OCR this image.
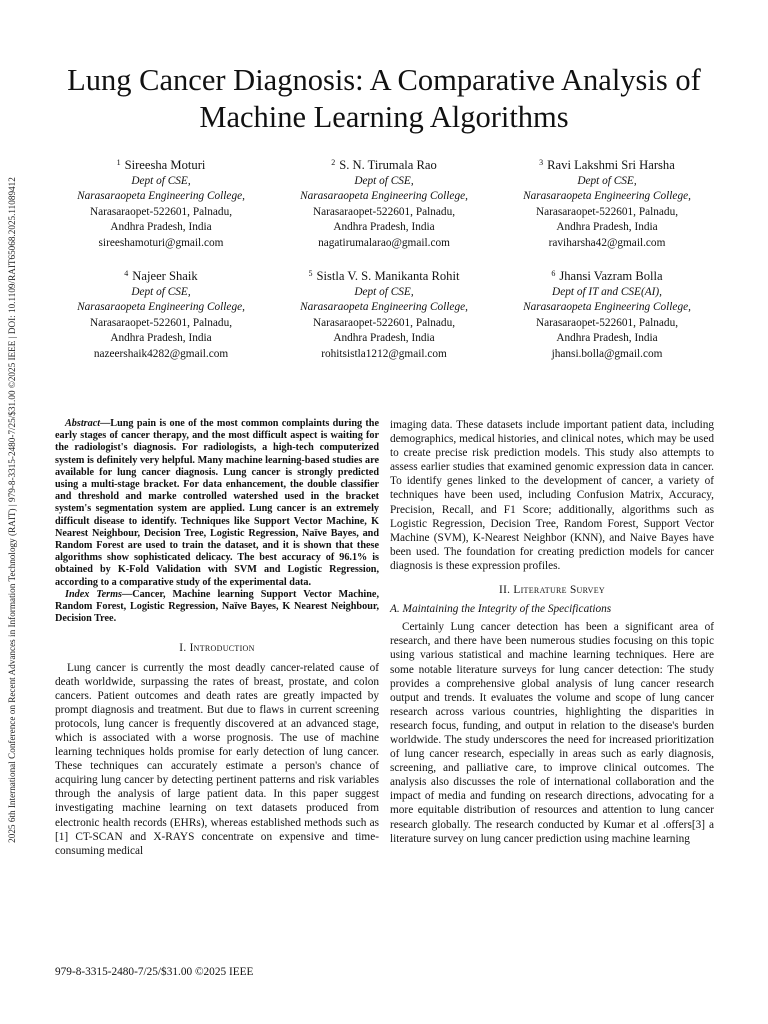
2025 6th International Conference on Recent Advances in Information Technology (RAIT) | 979-8-3315-2480-7/25/$31.00 ©2025 IEEE | DOI: 10.1109/RAIT65068.2025.11089412
Lung Cancer Diagnosis: A Comparative Analysis of
Machine Learning Algorithms
$^1$ Sireesha Moturi
Dept of CSE,
Narasaraopeta Engineering College,
Narasaraopet-522601, Palnadu,
Andhra Pradesh, India
sireeshamoturi@gmail.com
$^2$ S. N. Tirumala Rao
Dept of CSE,
Narasaraopeta Engineering College,
Narasaraopet-522601, Palnadu,
Andhra Pradesh, India
nagatirumalarao@gmail.com
$^3$ Ravi Lakshmi Sri Harsha
Dept of CSE,
Narasaraopeta Engineering College,
Narasaraopet-522601, Palnadu,
Andhra Pradesh, India
raviharsha42@gmail.com
$^4$ Najeer Shaik
Dept of CSE,
Narasaraopeta Engineering College,
Narasaraopet-522601, Palnadu,
Andhra Pradesh, India
nazeershaik4282@gmail.com
$^5$ Sistla V. S. Manikanta Rohit
Dept of CSE,
Narasaraopeta Engineering College,
Narasaraopet-522601, Palnadu,
Andhra Pradesh, India
rohitsistla1212@gmail.com
$^6$ Jhansi Vazram Bolla
Dept of IT and CSE(AI),
Narasaraopeta Engineering College,
Narasaraopet-522601, Palnadu,
Andhra Pradesh, India
jhansi.bolla@gmail.com

Abstract—Lung pain is one of the most common complaints during the early stages of cancer therapy, and the most difficult aspect is waiting for the radiologist's diagnosis. For radiologists, a high-tech computerized system is definitely very helpful. Many machine learning-based studies are available for lung cancer diagnosis. Lung cancer is strongly predicted using a multi-stage bracket. For data enhancement, the double classifier and threshold and marke controlled watershed used in the bracket system's segmentation system are applied. Lung cancer is an extremely difficult disease to identify. Techniques like Support Vector Machine, K Nearest Neighbour, Decision Tree, Logistic Regression, Naïve Bayes, and Random Forest are used to train the dataset, and it is shown that these algorithms show sophisticated delicacy. The best accuracy of 96.1% is obtained by K-Fold Validation with SVM and Logistic Regression, according to a comparative study of the experimental data.

Index Terms—Cancer, Machine learning Support Vector Machine, Random Forest, Logistic Regression, Naïve Bayes, K Nearest Neighbour, Decision Tree.

I. Introduction

Lung cancer is currently the most deadly cancer-related cause of death worldwide, surpassing the rates of breast, prostate, and colon cancers. Patient outcomes and death rates are greatly impacted by prompt diagnosis and treatment. But due to flaws in current screening protocols, lung cancer is frequently discovered at an advanced stage, which is associated with a worse prognosis. The use of machine learning techniques holds promise for early detection of lung cancer. These techniques can accurately estimate a person's chance of acquiring lung cancer by detecting pertinent patterns and risk variables through the analysis of large patient data. In this paper suggest investigating machine learning on text datasets produced from electronic health records (EHRs), whereas established methods such as [1] CT-SCAN and X-RAYS concentrate on expensive and time-consuming medical

imaging data. These datasets include important patient data, including demographics, medical histories, and clinical notes, which may be used to create precise risk prediction models. This study also attempts to assess earlier studies that examined genomic expression data in cancer. To identify genes linked to the development of cancer, a variety of techniques have been used, including Confusion Matrix, Accuracy, Precision, Recall, and F1 Score; additionally, algorithms such as Logistic Regression, Decision Tree, Random Forest, Support Vector Machine (SVM), K-Nearest Neighbor (KNN), and Naive Bayes have been used. The foundation for creating prediction models for cancer diagnosis is these expression profiles.

II. Literature Survey
A. Maintaining the Integrity of the Specifications

Certainly Lung cancer detection has been a significant area of research, and there have been numerous studies focusing on this topic using various statistical and machine learning techniques. Here are some notable literature surveys for lung cancer detection: The study provides a comprehensive global analysis of lung cancer research output and trends. It evaluates the volume and scope of lung cancer research across various countries, highlighting the disparities in research focus, funding, and output in relation to the disease's burden worldwide. The study underscores the need for increased prioritization of lung cancer research, especially in areas such as early diagnosis, screening, and palliative care, to improve clinical outcomes. The analysis also discusses the role of international collaboration and the impact of media and funding on research directions, advocating for a more equitable distribution of resources and attention to lung cancer research globally. The research conducted by Kumar et al .offers[3] a literature survey on lung cancer prediction using machine learning

979-8-3315-2480-7/25/$31.00 ©2025 IEEE
